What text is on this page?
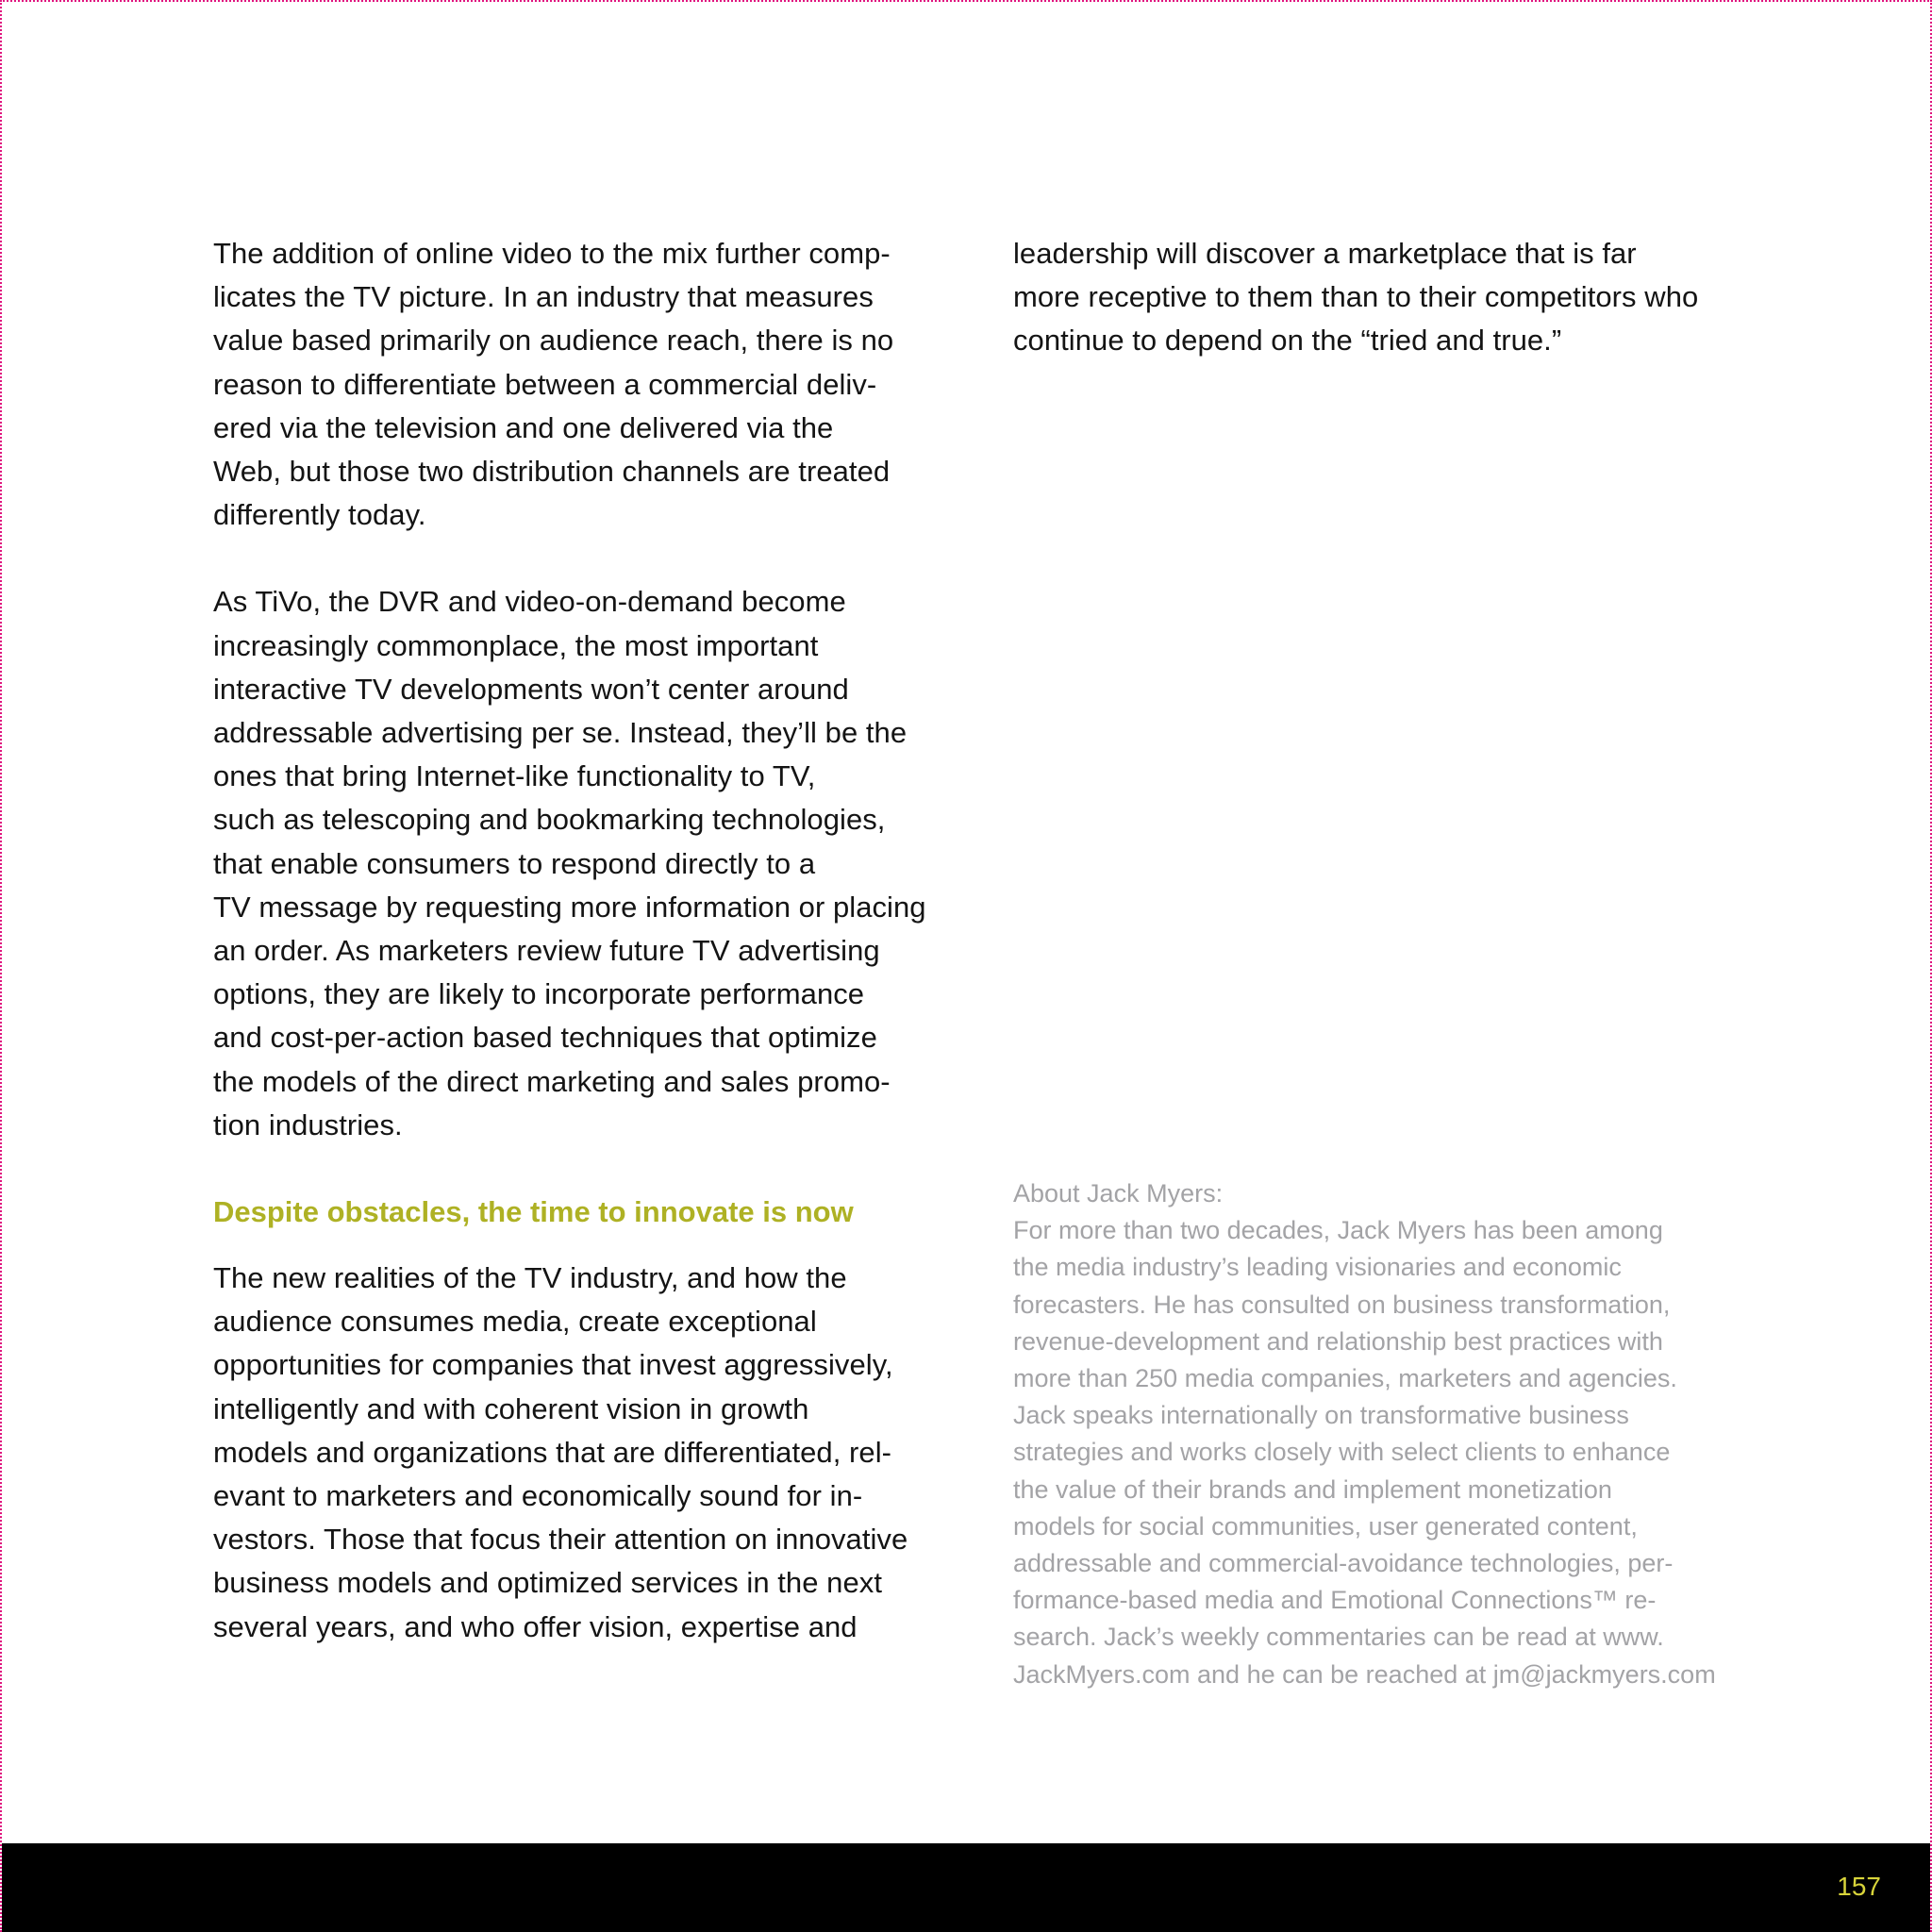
The addition of online video to the mix further comp-
licates the TV picture. In an industry that measures
value based primarily on audience reach, there is no
reason to differentiate between a commercial deliv-
ered via the television and one delivered via the
Web, but those two distribution channels are treated
differently today.

As TiVo, the DVR and video-on-demand become
increasingly commonplace, the most important
interactive TV developments won’t center around
addressable advertising per se. Instead, they’ll be the
ones that bring Internet-like functionality to TV,
such as telescoping and bookmarking technologies,
that enable consumers to respond directly to a
TV message by requesting more information or placing
an order. As marketers review future TV advertising
options, they are likely to incorporate performance
and cost-per-action based techniques that optimize
the models of the direct marketing and sales promo-
tion industries.

Despite obstacles, the time to innovate is now

The new realities of the TV industry, and how the
audience consumes media, create exceptional
opportunities for companies that invest aggressively,
intelligently and with coherent vision in growth
models and organizations that are differentiated, rel-
evant to marketers and economically sound for in-
vestors. Those that focus their attention on innovative
business models and optimized services in the next
several years, and who offer vision, expertise and

leadership will discover a marketplace that is far
more receptive to them than to their competitors who
continue to depend on the “tried and true.”

About Jack Myers:

For more than two decades, Jack Myers has been among
the media industry’s leading visionaries and economic
forecasters. He has consulted on business transformation,
revenue-development and relationship best practices with
more than 250 media companies, marketers and agencies.
Jack speaks internationally on transformative business
strategies and works closely with select clients to enhance
the value of their brands and implement monetization
models for social communities, user generated content,
addressable and commercial-avoidance technologies, per-
formance-based media and Emotional Connections™ re-
search. Jack’s weekly commentaries can be read at www.
JackMyers.com and he can be reached at jm@jackmyers.com

157
